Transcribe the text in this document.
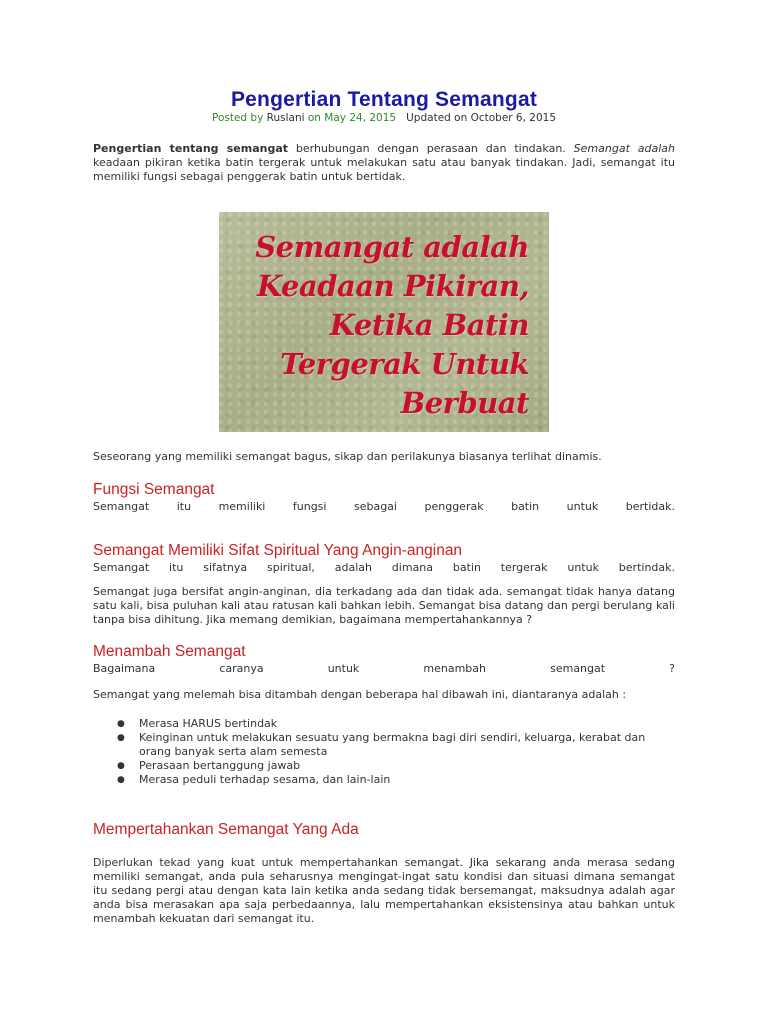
Pengertian Tentang Semangat
Posted by Ruslani on May 24, 2015 Updated on October 6, 2015
Pengertian tentang semangat berhubungan dengan perasaan dan tindakan. Semangat adalah keadaan pikiran ketika batin tergerak untuk melakukan satu atau banyak tindakan. Jadi, semangat itu memiliki fungsi sebagai penggerak batin untuk bertidak.
Semangat adalah
Keadaan Pikiran,
Ketika Batin
Tergerak Untuk
Berbuat
Seseorang yang memiliki semangat bagus, sikap dan perilakunya biasanya terlihat dinamis.
Fungsi Semangat
Semangat itu memiliki fungsi sebagai penggerak batin untuk bertidak.
Semangat Memiliki Sifat Spiritual Yang Angin-anginan
Semangat itu sifatnya spiritual, adalah dimana batin tergerak untuk bertindak.
Semangat juga bersifat angin-anginan, dia terkadang ada dan tidak ada. semangat tidak hanya datang satu kali, bisa puluhan kali atau ratusan kali bahkan lebih. Semangat bisa datang dan pergi berulang kali tanpa bisa dihitung. Jika memang demikian, bagaimana mempertahankannya ?
Menambah Semangat
Bagaimana caranya untuk menambah semangat ?
Semangat yang melemah bisa ditambah dengan beberapa hal dibawah ini, diantaranya adalah :
● Merasa HARUS bertindak
● Keinginan untuk melakukan sesuatu yang bermakna bagi diri sendiri, keluarga, kerabat dan orang banyak serta alam semesta
● Perasaan bertanggung jawab
● Merasa peduli terhadap sesama, dan lain-lain
Mempertahankan Semangat Yang Ada
Diperlukan tekad yang kuat untuk mempertahankan semangat. Jika sekarang anda merasa sedang memiliki semangat, anda pula seharusnya mengingat-ingat satu kondisi dan situasi dimana semangat itu sedang pergi atau dengan kata lain ketika anda sedang tidak bersemangat, maksudnya adalah agar anda bisa merasakan apa saja perbedaannya, lalu mempertahankan eksistensinya atau bahkan untuk menambah kekuatan dari semangat itu.
